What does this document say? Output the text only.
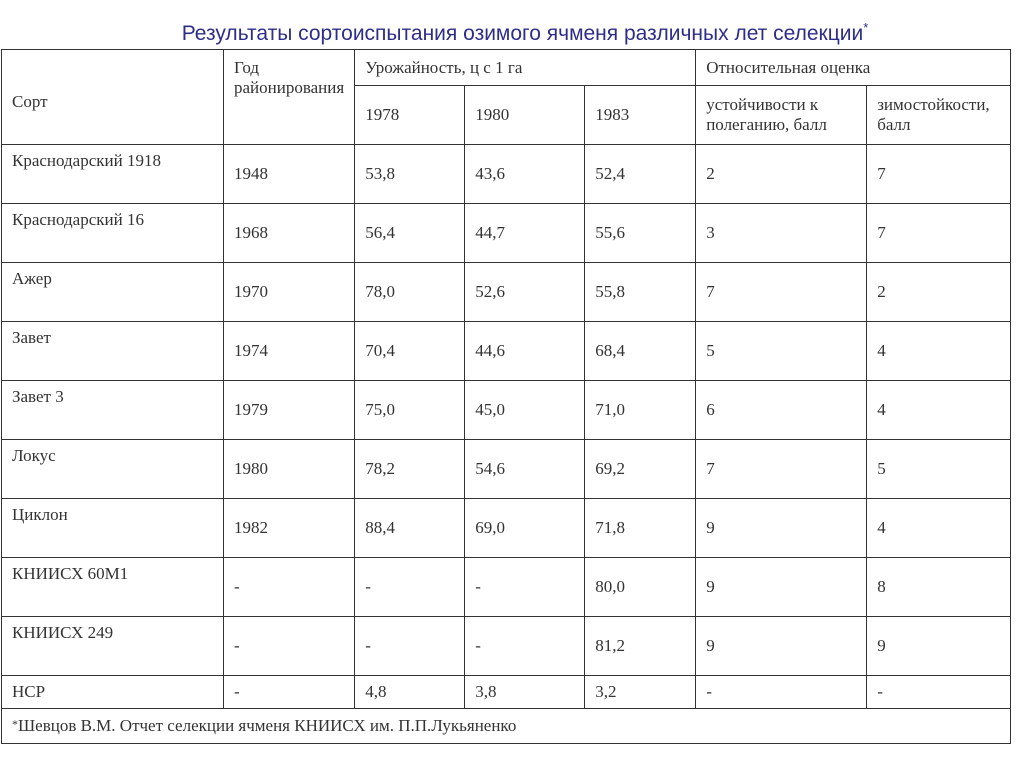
Результаты сортоиспытания озимого ячменя различных лет селекции*
Сорт	Год районирования	Урожайность, ц с 1 га			Относительная оценка	
		1978	1980	1983	устойчивости к полеганию, балл	зимостойкости, балл
Краснодарский 1918	1948	53,8	43,6	52,4	2	7
Краснодарский 16	1968	56,4	44,7	55,6	3	7
Ажер	1970	78,0	52,6	55,8	7	2
Завет	1974	70,4	44,6	68,4	5	4
Завет 3	1979	75,0	45,0	71,0	6	4
Локус	1980	78,2	54,6	69,2	7	5
Циклон	1982	88,4	69,0	71,8	9	4
КНИИСХ 60М1	-	-	-	80,0	9	8
КНИИСХ 249	-	-	-	81,2	9	9
НСР	-	4,8	3,8	3,2	-	-
*Шевцов В.М. Отчет селекции ячменя КНИИСХ им. П.П.Лукьяненко						
